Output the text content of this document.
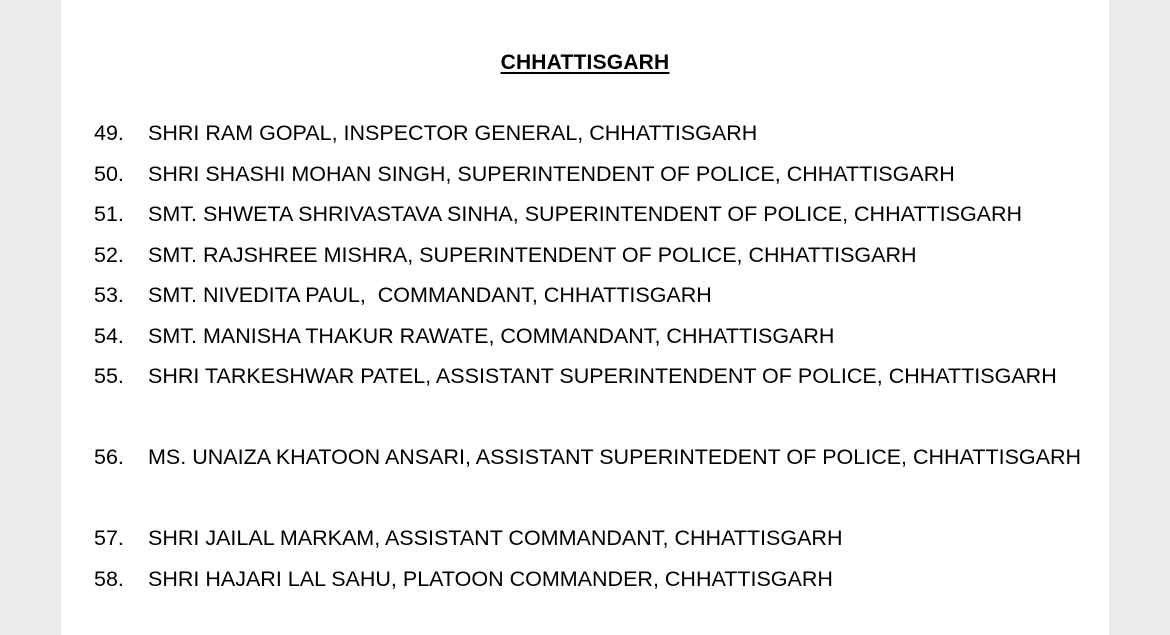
CHHATTISGARH
49. SHRI RAM GOPAL, INSPECTOR GENERAL, CHHATTISGARH
50. SHRI SHASHI MOHAN SINGH, SUPERINTENDENT OF POLICE, CHHATTISGARH
51. SMT. SHWETA SHRIVASTAVA SINHA, SUPERINTENDENT OF POLICE, CHHATTISGARH
52. SMT. RAJSHREE MISHRA, SUPERINTENDENT OF POLICE, CHHATTISGARH
53. SMT. NIVEDITA PAUL,  COMMANDANT, CHHATTISGARH
54. SMT. MANISHA THAKUR RAWATE, COMMANDANT, CHHATTISGARH
55. SHRI TARKESHWAR PATEL, ASSISTANT SUPERINTENDENT OF POLICE, CHHATTISGARH
56. MS. UNAIZA KHATOON ANSARI, ASSISTANT SUPERINTEDENT OF POLICE, CHHATTISGARH
57. SHRI JAILAL MARKAM, ASSISTANT COMMANDANT, CHHATTISGARH
58. SHRI HAJARI LAL SAHU, PLATOON COMMANDER, CHHATTISGARH
